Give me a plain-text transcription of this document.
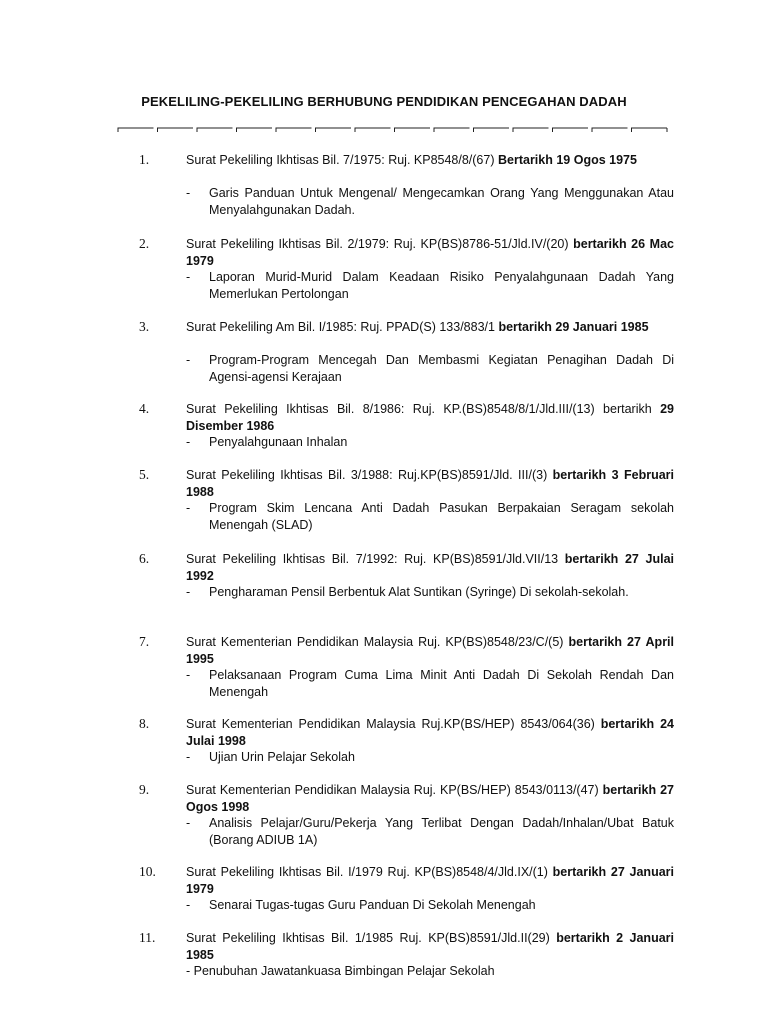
PEKELILING-PEKELILING BERHUBUNG PENDIDIKAN PENCEGAHAN DADAH
1.	Surat Pekeliling Ikhtisas Bil. 7/1975: Ruj. KP8548/8/(67) Bertarikh 19 Ogos 1975
- Garis Panduan Untuk Mengenal/ Mengecamkan Orang Yang Menggunakan Atau Menyalahgunakan Dadah.
2.	Surat Pekeliling Ikhtisas Bil. 2/1979: Ruj. KP(BS)8786-51/Jld.IV/(20) bertarikh 26 Mac 1979
- Laporan Murid-Murid Dalam Keadaan Risiko Penyalahgunaan Dadah Yang Memerlukan Pertolongan
3.	Surat Pekeliling Am Bil. I/1985: Ruj. PPAD(S) 133/883/1 bertarikh 29 Januari 1985
- Program-Program Mencegah Dan Membasmi Kegiatan Penagihan Dadah Di Agensi-agensi Kerajaan
4.	Surat Pekeliling Ikhtisas Bil. 8/1986: Ruj. KP.(BS)8548/8/1/Jld.III/(13) bertarikh 29 Disember 1986
- Penyalahgunaan Inhalan
5.	Surat Pekeliling Ikhtisas Bil. 3/1988: Ruj.KP(BS)8591/Jld. III/(3) bertarikh 3 Februari 1988
- Program Skim Lencana Anti Dadah Pasukan Berpakaian Seragam sekolah Menengah (SLAD)
6.	Surat Pekeliling Ikhtisas Bil. 7/1992: Ruj. KP(BS)8591/Jld.VII/13 bertarikh 27 Julai 1992
- Pengharaman Pensil Berbentuk Alat Suntikan (Syringe) Di sekolah-sekolah.
7.	Surat Kementerian Pendidikan Malaysia Ruj. KP(BS)8548/23/C/(5) bertarikh 27 April 1995
- Pelaksanaan Program Cuma Lima Minit Anti Dadah Di Sekolah Rendah Dan Menengah
8.	Surat Kementerian Pendidikan Malaysia Ruj.KP(BS/HEP) 8543/064(36) bertarikh 24 Julai 1998
- Ujian Urin Pelajar Sekolah
9.	Surat Kementerian Pendidikan Malaysia Ruj. KP(BS/HEP) 8543/0113/(47) bertarikh 27 Ogos 1998
- Analisis Pelajar/Guru/Pekerja Yang Terlibat Dengan Dadah/Inhalan/Ubat Batuk (Borang ADIUB 1A)
10. Surat Pekeliling Ikhtisas Bil. I/1979 Ruj. KP(BS)8548/4/Jld.IX/(1) bertarikh 27 Januari 1979
- Senarai Tugas-tugas Guru Panduan Di Sekolah Menengah
11. Surat Pekeliling Ikhtisas Bil. 1/1985 Ruj. KP(BS)8591/Jld.II(29) bertarikh 2 Januari 1985
- Penubuhan Jawatankuasa Bimbingan Pelajar Sekolah
